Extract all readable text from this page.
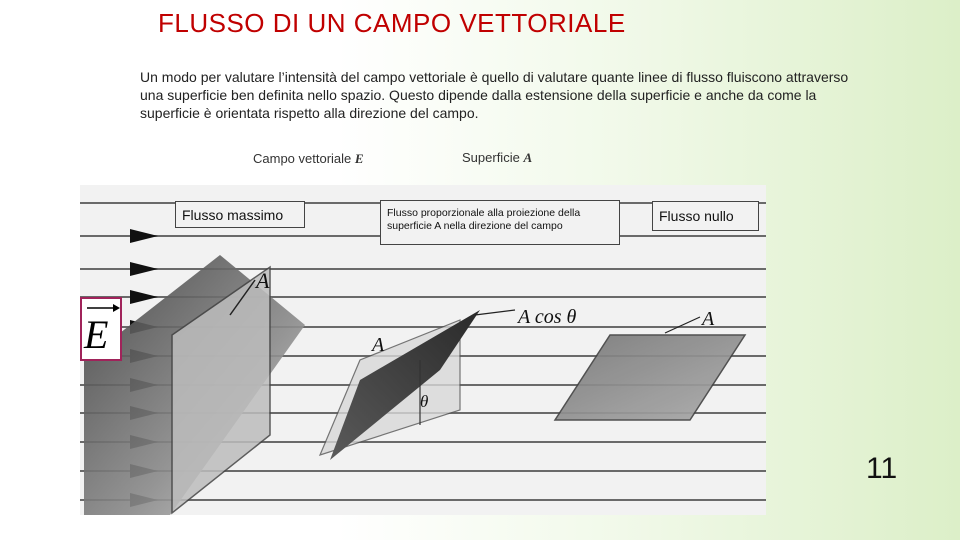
FLUSSO DI UN CAMPO VETTORIALE
Un modo per valutare l’intensità del campo vettoriale è quello di valutare quante linee di flusso fluiscono attraverso una superficie ben definita nello spazio. Questo dipende dalla estensione della superficie e anche da come la superficie è orientata rispetto alla direzione del campo.
Campo vettoriale E	Superficie A
A
A cos θ
A
θ
A
Flusso massimo	Flusso proporzionale alla proiezione della superficie A nella direzione del campo
Flusso nullo
E
11
